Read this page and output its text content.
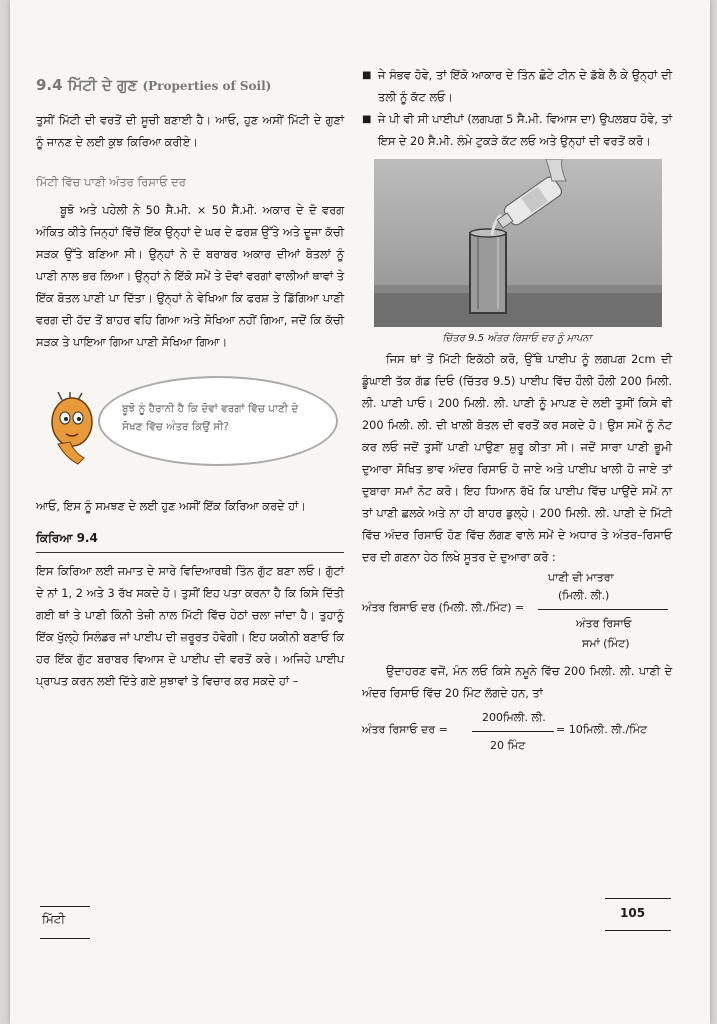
9.4 ਮਿੱਟੀ ਦੇ ਗੁਣ (Properties of Soil)

ਤੁਸੀਂ ਮਿੱਟੀ ਦੀ ਵਰਤੋਂ ਦੀ ਸੂਚੀ ਬਣਾਈ ਹੈ। ਆਓ, ਹੁਣ ਅਸੀਂ ਮਿੱਟੀ ਦੇ ਗੁਣਾਂ ਨੂੰ ਜਾਨਣ ਦੇ ਲਈ ਕੁਝ ਕਿਰਿਆ ਕਰੀਏ।

ਮਿੱਟੀ ਵਿੱਚ ਪਾਣੀ ਅੰਤਰ ਰਿਸਾਓ ਦਰ

ਬੂਝੋ ਅਤੇ ਪਹੇਲੀ ਨੇ 50 ਸੈ.ਮੀ. × 50 ਸੈ.ਮੀ. ਅਕਾਰ ਦੇ ਦੋ ਵਰਗ ਅੰਕਿਤ ਕੀਤੇ ਜਿਨ੍ਹਾਂ ਵਿੱਚੋਂ ਇੱਕ ਉਨ੍ਹਾਂ ਦੇ ਘਰ ਦੇ ਫਰਸ਼ ਉੱਤੇ ਅਤੇ ਦੂਜਾ ਕੱਚੀ ਸੜਕ ਉੱਤੇ ਬਣਿਆ ਸੀ। ਉਨ੍ਹਾਂ ਨੇ ਦੋ ਬਰਾਬਰ ਅਕਾਰ ਦੀਆਂ ਬੋਤਲਾਂ ਨੂੰ ਪਾਣੀ ਨਾਲ ਭਰ ਲਿਆ। ਉਨ੍ਹਾਂ ਨੇ ਇੱਕੋ ਸਮੇਂ ਤੇ ਦੋਵਾਂ ਵਰਗਾਂ ਵਾਲੀਆਂ ਥਾਵਾਂ ਤੇ ਇੱਕ ਬੋਤਲ ਪਾਣੀ ਪਾ ਦਿੱਤਾ। ਉਨ੍ਹਾਂ ਨੇ ਵੇਖਿਆ ਕਿ ਫਰਸ਼ ਤੇ ਡਿੱਗਿਆ ਪਾਣੀ ਵਰਗ ਦੀ ਹੱਦ ਤੋਂ ਬਾਹਰ ਵਹਿ ਗਿਆ ਅਤੇ ਸੋਖਿਆ ਨਹੀਂ ਗਿਆ, ਜਦੋਂ ਕਿ ਕੱਚੀ ਸੜਕ ਤੇ ਪਾਇਆ ਗਿਆ ਪਾਣੀ ਸੋਖਿਆ ਗਿਆ।

ਬੂਝੋ ਨੂੰ ਹੈਰਾਨੀ ਹੈ ਕਿ ਦੋਵਾਂ ਵਰਗਾਂ ਵਿੱਚ ਪਾਣੀ ਦੇ ਸੋਖਣ ਵਿੱਚ ਅੰਤਰ ਕਿਉਂ ਸੀ?

ਆਓ, ਇਸ ਨੂੰ ਸਮਝਣ ਦੇ ਲਈ ਹੁਣ ਅਸੀਂ ਇੱਕ ਕਿਰਿਆ ਕਰਦੇ ਹਾਂ।

ਕਿਰਿਆ 9.4

ਇਸ ਕਿਰਿਆ ਲਈ ਜਮਾਤ ਦੇ ਸਾਰੇ ਵਿਦਿਆਰਥੀ ਤਿੰਨ ਗੁੱਟ ਬਣਾ ਲਓ। ਗੁੱਟਾਂ ਦੇ ਨਾਂ 1, 2 ਅਤੇ 3 ਰੱਖ ਸਕਦੇ ਹੋ। ਤੁਸੀਂ ਇਹ ਪਤਾ ਕਰਨਾ ਹੈ ਕਿ ਕਿਸੇ ਦਿੱਤੀ ਗਈ ਥਾਂ ਤੇ ਪਾਣੀ ਕਿੰਨੀ ਤੇਜ਼ੀ ਨਾਲ ਮਿੱਟੀ ਵਿੱਚ ਹੇਠਾਂ ਚਲਾ ਜਾਂਦਾ ਹੈ। ਤੁਹਾਨੂੰ ਇੱਕ ਖੁੱਲ੍ਹੇ ਸਿਲੰਡਰ ਜਾਂ ਪਾਈਪ ਦੀ ਜ਼ਰੂਰਤ ਹੋਵੇਗੀ। ਇਹ ਯਕੀਨੀ ਬਣਾਓ ਕਿ ਹਰ ਇੱਕ ਗੁੱਟ ਬਰਾਬਰ ਵਿਆਸ ਦੇ ਪਾਈਪ ਦੀ ਵਰਤੋਂ ਕਰੇ। ਅਜਿਹੇ ਪਾਈਪ ਪ੍ਰਾਪਤ ਕਰਨ ਲਈ ਦਿੱਤੇ ਗਏ ਸੁਝਾਵਾਂ ਤੇ ਵਿਚਾਰ ਕਰ ਸਕਦੇ ਹਾਂ –

■ ਜੇ ਸੰਭਵ ਹੋਵੇ, ਤਾਂ ਇੱਕੋ ਆਕਾਰ ਦੇ ਤਿੰਨ ਛੋਟੇ ਟੀਨ ਦੇ ਡੱਬੇ ਲੈ ਕੇ ਉਨ੍ਹਾਂ ਦੀ ਤਲੀ ਨੂੰ ਕੱਟ ਲਓ।

■ ਜੇ ਪੀ ਵੀ ਸੀ ਪਾਈਪਾਂ (ਲਗਪਗ 5 ਸੈ.ਮੀ. ਵਿਆਸ ਦਾ) ਉਪਲਬਧ ਹੋਵੇ, ਤਾਂ ਇਸ ਦੇ 20 ਸੈ.ਮੀ. ਲੰਮੇ ਟੁਕੜੇ ਕੱਟ ਲਓ ਅਤੇ ਉਨ੍ਹਾਂ ਦੀ ਵਰਤੋਂ ਕਰੋ।

ਚਿੱਤਰ 9.5 ਅੰਤਰ ਰਿਸਾਓ ਦਰ ਨੂੰ ਮਾਪਨਾ

ਜਿਸ ਥਾਂ ਤੋਂ ਮਿੱਟੀ ਇਕੱਠੀ ਕਰੋ, ਉੱਥੇ ਪਾਈਪ ਨੂੰ ਲਗਪਗ 2cm ਦੀ ਡੂੰਘਾਈ ਤੱਕ ਗੱਡ ਦਿਓ (ਚਿੱਤਰ 9.5) ਪਾਈਪ ਵਿੱਚ ਹੌਲੀ ਹੌਲੀ 200 ਮਿਲੀ. ਲੀ. ਪਾਣੀ ਪਾਓ। 200 ਮਿਲੀ. ਲੀ. ਪਾਣੀ ਨੂੰ ਮਾਪਣ ਦੇ ਲਈ ਤੁਸੀਂ ਕਿਸੇ ਵੀ 200 ਮਿਲੀ. ਲੀ. ਦੀ ਖਾਲੀ ਬੋਤਲ ਦੀ ਵਰਤੋਂ ਕਰ ਸਕਦੇ ਹੋ। ਉਸ ਸਮੇਂ ਨੂੰ ਨੋਟ ਕਰ ਲਓ ਜਦੋਂ ਤੁਸੀਂ ਪਾਣੀ ਪਾਉਣਾ ਸ਼ੁਰੂ ਕੀਤਾ ਸੀ। ਜਦੋਂ ਸਾਰਾ ਪਾਣੀ ਭੂਮੀ ਦੁਆਰਾ ਸੋਖਿਤ ਭਾਵ ਅੰਦਰ ਰਿਸਾਓ ਹੋ ਜਾਏ ਅਤੇ ਪਾਈਪ ਖਾਲੀ ਹੋ ਜਾਏ ਤਾਂ ਦੁਬਾਰਾ ਸਮਾਂ ਨੋਟ ਕਰੋ। ਇਹ ਧਿਆਨ ਰੱਖੋ ਕਿ ਪਾਈਪ ਵਿੱਚ ਪਾਉਂਦੇ ਸਮੇਂ ਨਾ ਤਾਂ ਪਾਣੀ ਛਲਕੇ ਅਤੇ ਨਾ ਹੀ ਬਾਹਰ ਡੁਲ੍ਹੇ। 200 ਮਿਲੀ. ਲੀ. ਪਾਣੀ ਦੇ ਮਿੱਟੀ ਵਿੱਚ ਅੰਦਰ ਰਿਸਾਓ ਹੋਣ ਵਿੱਚ ਲੱਗਣ ਵਾਲੇ ਸਮੇਂ ਦੇ ਅਧਾਰ ਤੇ ਅੰਤਰ–ਰਿਸਾਓ ਦਰ ਦੀ ਗਣਨਾ ਹੇਠ ਲਿਖੇ ਸੂਤਰ ਦੇ ਦੁਆਰਾ ਕਰੋ :

ਪਾਣੀ ਦੀ ਮਾਤਰਾ
(ਮਿਲੀ. ਲੀ.)
ਅੰਤਰ ਰਿਸਾਓ ਦਰ (ਮਿਲੀ. ਲੀ./ਮਿੰਟ) =
ਅੰਤਰ ਰਿਸਾਓ
ਸਮਾਂ (ਮਿੰਟ)

ਉਦਾਹਰਣ ਵਜੋਂ, ਮੰਨ ਲਓ ਕਿਸੇ ਨਮੂਨੇ ਵਿੱਚ 200 ਮਿਲੀ. ਲੀ. ਪਾਣੀ ਦੇ ਅੰਦਰ ਰਿਸਾਓ ਵਿੱਚ 20 ਮਿੰਟ ਲੱਗਦੇ ਹਨ, ਤਾਂ

200ਮਿਲੀ. ਲੀ.
ਅੰਤਰ ਰਿਸਾਓ ਦਰ =	= 10ਮਿਲੀ. ਲੀ./ਮਿੰਟ
20 ਮਿੰਟ
ਮਿੱਟੀ	105
